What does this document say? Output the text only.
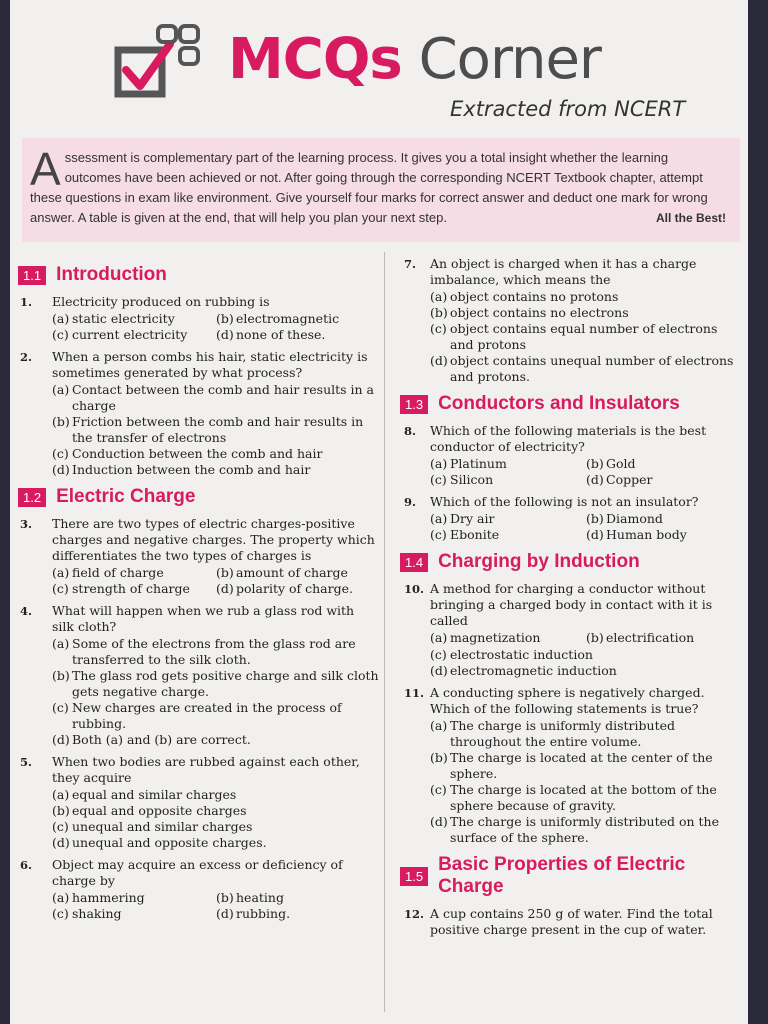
MCQs Corner
Extracted from NCERT
A ssessment is complementary part of the learning process. It gives you a total insight whether the learning outcomes have been achieved or not. After going through the corresponding NCERT Textbook chapter, attempt these questions in exam like environment. Give yourself four marks for correct answer and deduct one mark for wrong answer. A table is given at the end, that will help you plan your next step.	All the Best!
1.1 Introduction
1. Electricity produced on rubbing is
(a) static electricity	(b) electromagnetic
(c) current electricity	(d) none of these.
2. When a person combs his hair, static electricity is sometimes generated by what process?
(a) Contact between the comb and hair results in a charge
(b) Friction between the comb and hair results in the transfer of electrons
(c) Conduction between the comb and hair
(d) Induction between the comb and hair
1.2 Electric Charge
3. There are two types of electric charges-positive charges and negative charges. The property which differentiates the two types of charges is
(a) field of charge	(b) amount of charge
(c) strength of charge	(d) polarity of charge.
4. What will happen when we rub a glass rod with silk cloth?
(a) Some of the electrons from the glass rod are transferred to the silk cloth.
(b) The glass rod gets positive charge and silk cloth gets negative charge.
(c) New charges are created in the process of rubbing.
(d) Both (a) and (b) are correct.
5. When two bodies are rubbed against each other, they acquire
(a) equal and similar charges
(b) equal and opposite charges
(c) unequal and similar charges
(d) unequal and opposite charges.
6. Object may acquire an excess or deficiency of charge by
(a) hammering	(b) heating
(c) shaking	(d) rubbing.
7. An object is charged when it has a charge imbalance, which means the
(a) object contains no protons
(b) object contains no electrons
(c) object contains equal number of electrons and protons
(d) object contains unequal number of electrons and protons.
1.3 Conductors and Insulators
8. Which of the following materials is the best conductor of electricity?
(a) Platinum	(b) Gold
(c) Silicon	(d) Copper
9. Which of the following is not an insulator?
(a) Dry air	(b) Diamond
(c) Ebonite	(d) Human body
1.4 Charging by Induction
10. A method for charging a conductor without bringing a charged body in contact with it is called
(a) magnetization	(b) electrification
(c) electrostatic induction
(d) electromagnetic induction
11. A conducting sphere is negatively charged. Which of the following statements is true?
(a) The charge is uniformly distributed throughout the entire volume.
(b) The charge is located at the center of the sphere.
(c) The charge is located at the bottom of the sphere because of gravity.
(d) The charge is uniformly distributed on the surface of the sphere.
1.5
Basic Properties of Electric Charge
12. A cup contains 250 g of water. Find the total positive charge present in the cup of water.
